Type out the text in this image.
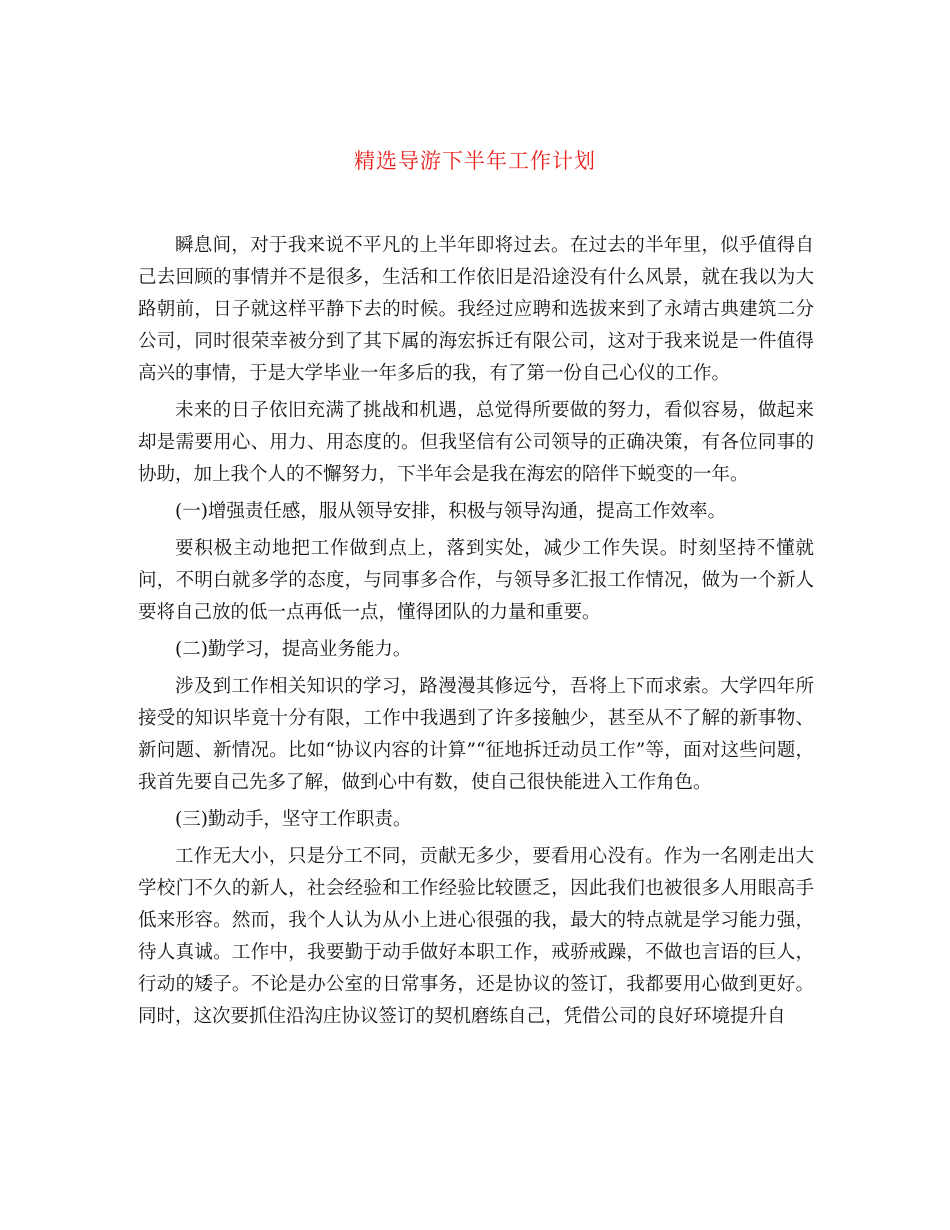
精选导游下半年工作计划

瞬息间，对于我来说不平凡的上半年即将过去。在过去的半年里，似乎值得自己去回顾的事情并不是很多，生活和工作依旧是沿途没有什么风景，就在我以为大路朝前，日子就这样平静下去的时候。我经过应聘和选拔来到了永靖古典建筑二分公司，同时很荣幸被分到了其下属的海宏拆迁有限公司，这对于我来说是一件值得高兴的事情，于是大学毕业一年多后的我，有了第一份自己心仪的工作。

未来的日子依旧充满了挑战和机遇，总觉得所要做的努力，看似容易，做起来却是需要用心、用力、用态度的。但我坚信有公司领导的正确决策，有各位同事的协助，加上我个人的不懈努力，下半年会是我在海宏的陪伴下蜕变的一年。

(一)增强责任感，服从领导安排，积极与领导沟通，提高工作效率。

要积极主动地把工作做到点上，落到实处，减少工作失误。时刻坚持不懂就问，不明白就多学的态度，与同事多合作，与领导多汇报工作情况，做为一个新人要将自己放的低一点再低一点，懂得团队的力量和重要。

(二)勤学习，提高业务能力。

涉及到工作相关知识的学习，路漫漫其修远兮，吾将上下而求索。大学四年所接受的知识毕竟十分有限，工作中我遇到了许多接触少，甚至从不了解的新事物、新问题、新情况。比如“协议内容的计算”“征地拆迁动员工作”等，面对这些问题，我首先要自己先多了解，做到心中有数，使自己很快能进入工作角色。

(三)勤动手，坚守工作职责。

工作无大小，只是分工不同，贡献无多少，要看用心没有。作为一名刚走出大学校门不久的新人，社会经验和工作经验比较匮乏，因此我们也被很多人用眼高手低来形容。然而，我个人认为从小上进心很强的我，最大的特点就是学习能力强，待人真诚。工作中，我要勤于动手做好本职工作，戒骄戒躁，不做也言语的巨人，行动的矮子。不论是办公室的日常事务，还是协议的签订，我都要用心做到更好。同时，这次要抓住沿沟庄协议签订的契机磨练自己，凭借公司的良好环境提升自
